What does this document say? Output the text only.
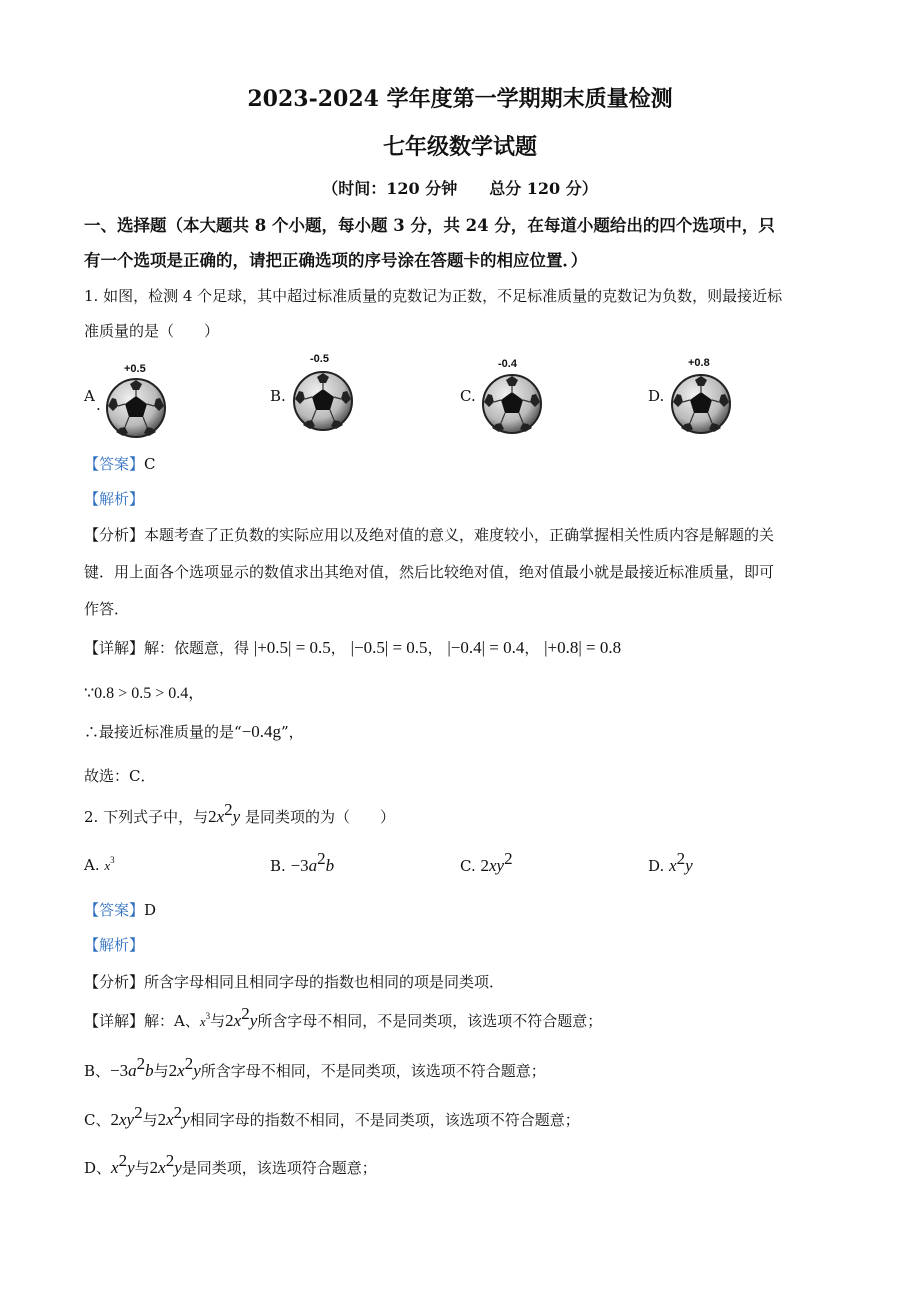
2023-2024 学年度第一学期期末质量检测
七年级数学试题
（时间：120 分钟　　总分 120 分）
一、选择题（本大题共 8 个小题，每小题 3 分，共 24 分，在每道小题给出的四个选项中，只
有一个选项是正确的，请把正确选项的序号涂在答题卡的相应位置．）
1. 如图，检测 4 个足球，其中超过标准质量的克数记为正数，不足标准质量的克数记为负数，则最接近标
准质量的是（　　）
A
·
+0.5
B.
-0.5
C.
-0.4
D.
+0.8
【答案】C
【解析】
【分析】本题考查了正负数的实际应用以及绝对值的意义，难度较小，正确掌握相关性质内容是解题的关
键．用上面各个选项显示的数值求出其绝对值，然后比较绝对值，绝对值最小就是最接近标准质量，即可
作答．
【详解】解：依题意，得 |+0.5| = 0.5， |−0.5| = 0.5， |−0.4| = 0.4， |+0.8| = 0.8
∵0.8 > 0.5 > 0.4，
∴最接近标准质量的是“−0.4g”，
故选：C．
2. 下列式子中，与$2x^2y$ 是同类项的为（　　）
A. $x^3$	B. $-3a^2b$	C. $2xy^2$	D. $x^2y$
【答案】D
【解析】
【分析】所含字母相同且相同字母的指数也相同的项是同类项．
【详解】解：A、$x^3$与$2x^2y$所含字母不相同，不是同类项，该选项不符合题意；
B、$-3a^2b$与$2x^2y$所含字母不相同，不是同类项，该选项不符合题意；
C、$2xy^2$与$2x^2y$相同字母的指数不相同，不是同类项，该选项不符合题意；
D、$x^2y$与$2x^2y$是同类项，该选项符合题意；
